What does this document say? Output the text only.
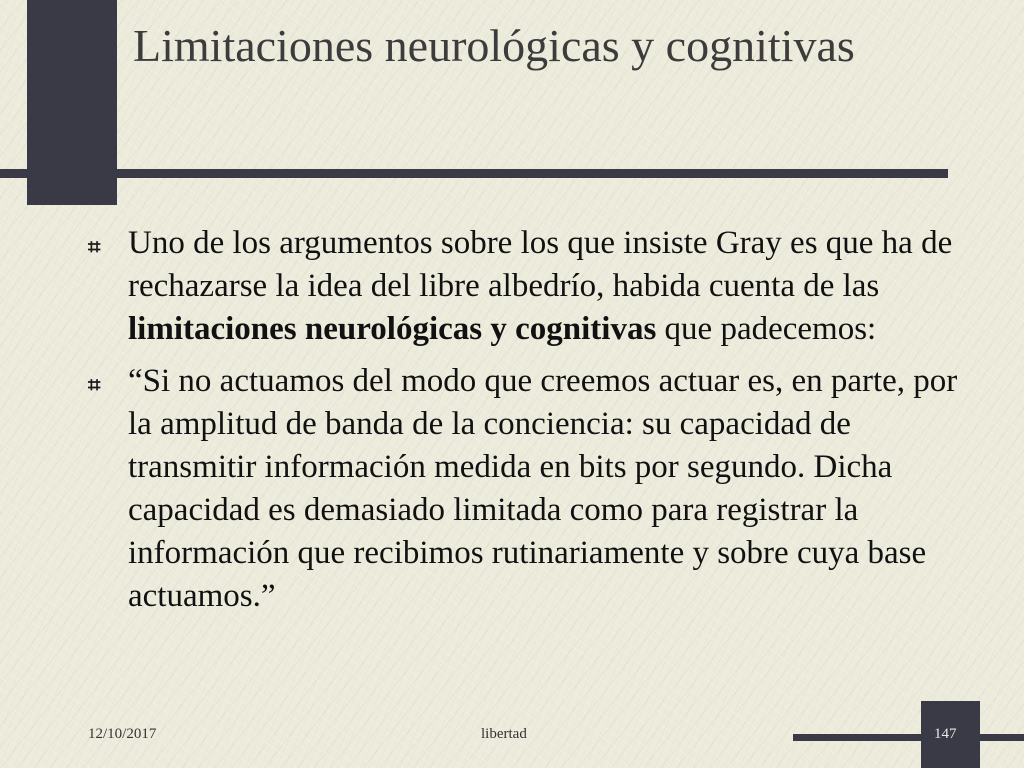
Limitaciones neurológicas y cognitivas
⌗ Uno de los argumentos sobre los que insiste Gray es que ha de rechazarse la idea del libre albedrío, habida cuenta de las limitaciones neurológicas y cognitivas que padecemos:
⌗ “Si no actuamos del modo que creemos actuar es, en parte, por la amplitud de banda de la conciencia: su capacidad de transmitir información medida en bits por segundo. Dicha capacidad es demasiado limitada como para registrar la información que recibimos rutinariamente y sobre cuya base actuamos.”
12/10/2017	libertad	147
